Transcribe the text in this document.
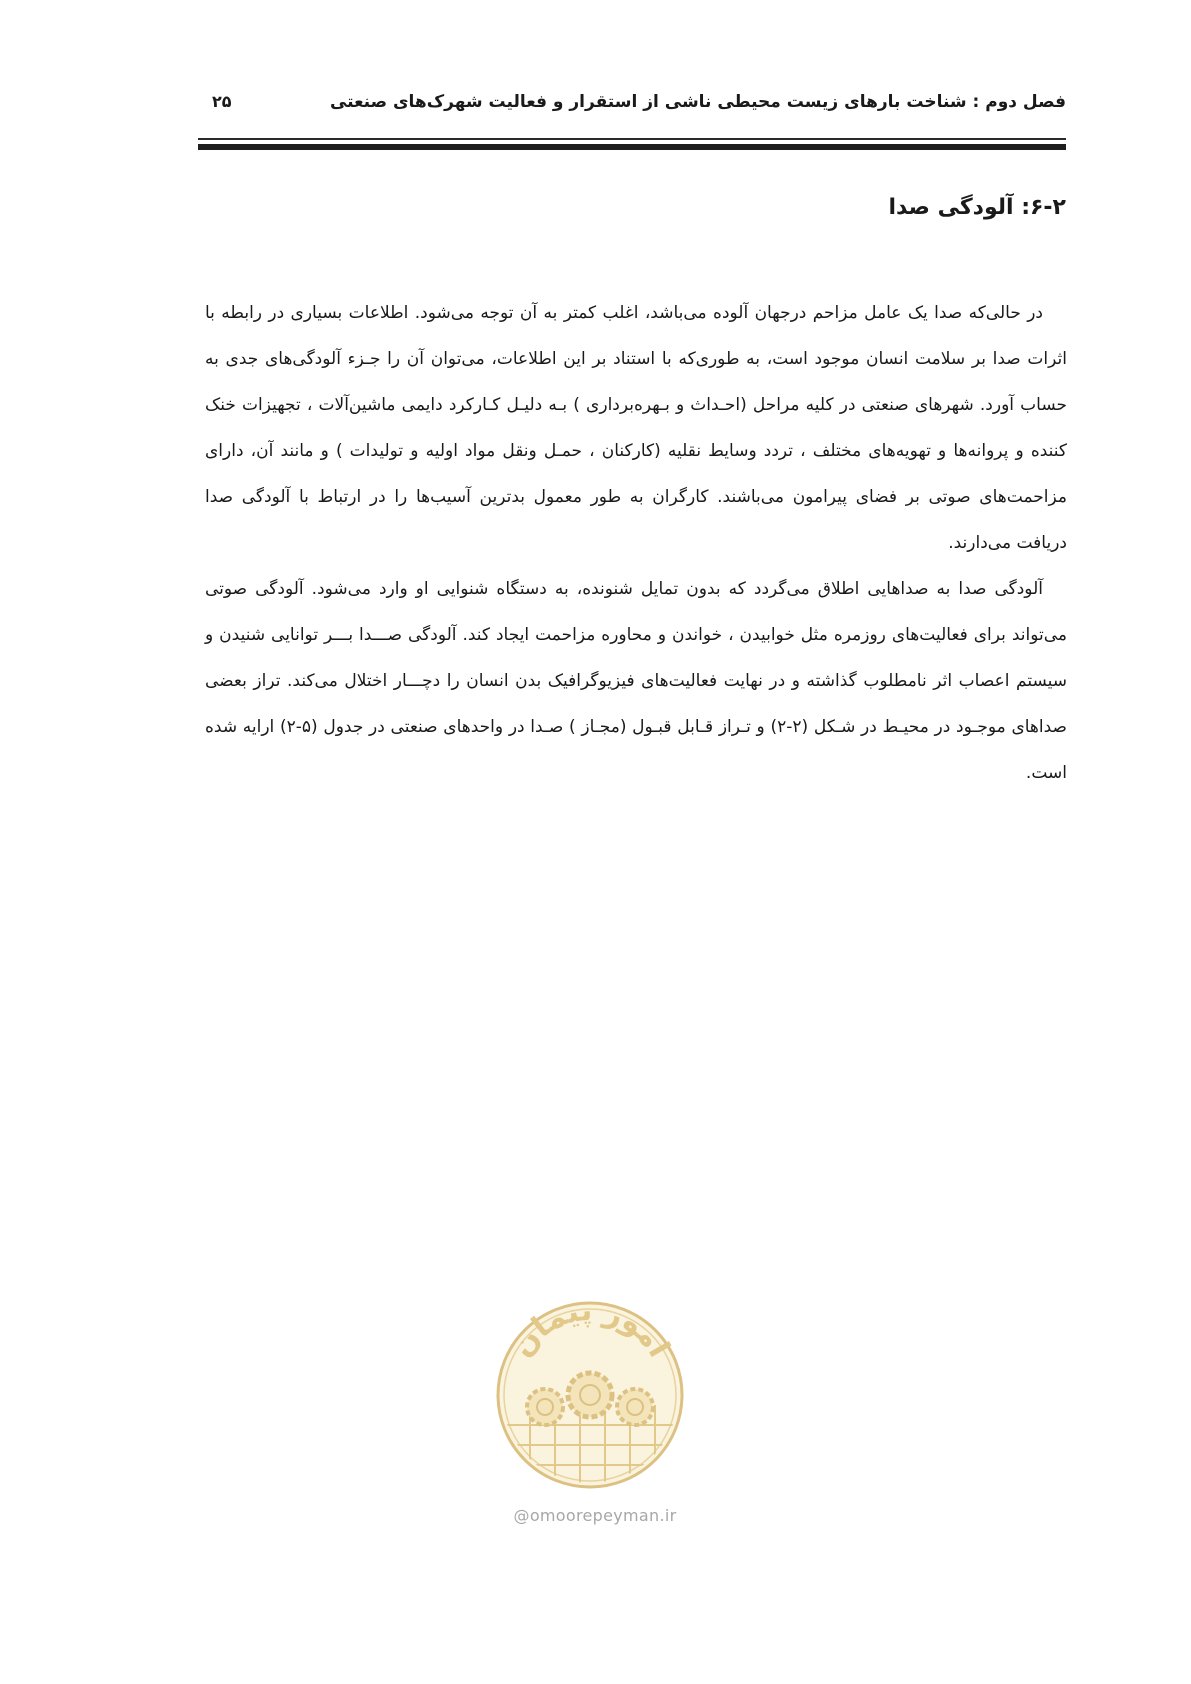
فصل دوم : شناخت بارهای زیست محیطی ناشی از استقرار و فعالیت شهرک‌های صنعتی
۲۵
۶-۲: آلودگی صدا

در حالی‌که صدا یک عامل مزاحم درجهان آلوده می‌باشد، اغلب کمتر به آن توجه می‌شود. اطلاعات بسیاری در رابطه با اثرات صدا بر سلامت انسان موجود است، به طوری‌که با استناد بر این اطلاعات، می‌توان آن را جـزء آلودگی‌های جدی به حساب آورد. شهرهای صنعتی در کلیه مراحل (احـداث و بـهره‌برداری ) بـه دلیـل کـارکرد دایمی ماشین‌آلات ، تجهیزات خنک کننده و پروانه‌ها و تهویه‌های مختلف ، تردد وسایط نقلیه (کارکنان ، حمـل ونقل مواد اولیه و تولیدات ) و مانند آن، دارای مزاحمت‌های صوتی بر فضای پیرامون می‌باشند. کارگران به طور معمول بدترین آسیب‌ها را در ارتباط با آلودگی صدا دریافت می‌دارند.

آلودگی صدا به صداهایی اطلاق می‌گردد که بدون تمایل شنونده، به دستگاه شنوایی او وارد می‌شود. آلودگی صوتی می‌تواند برای فعالیت‌های روزمره مثل خوابیدن ، خواندن و محاوره مزاحمت ایجاد کند. آلودگی صـــدا بـــر توانایی شنیدن و سیستم اعصاب اثر نامطلوب گذاشته و در نهایت فعالیت‌های فیزیوگرافیک بدن انسان را دچـــار اختلال می‌کند. تراز بعضی صداهای موجـود در محیـط در شـکل (۲-۲) و تـراز قـابل قبـول (مجـاز ) صـدا در واحدهای صنعتی در جدول (۵-۲) ارایه شده است.

امور پیمان
@omoorepeyman.ir
